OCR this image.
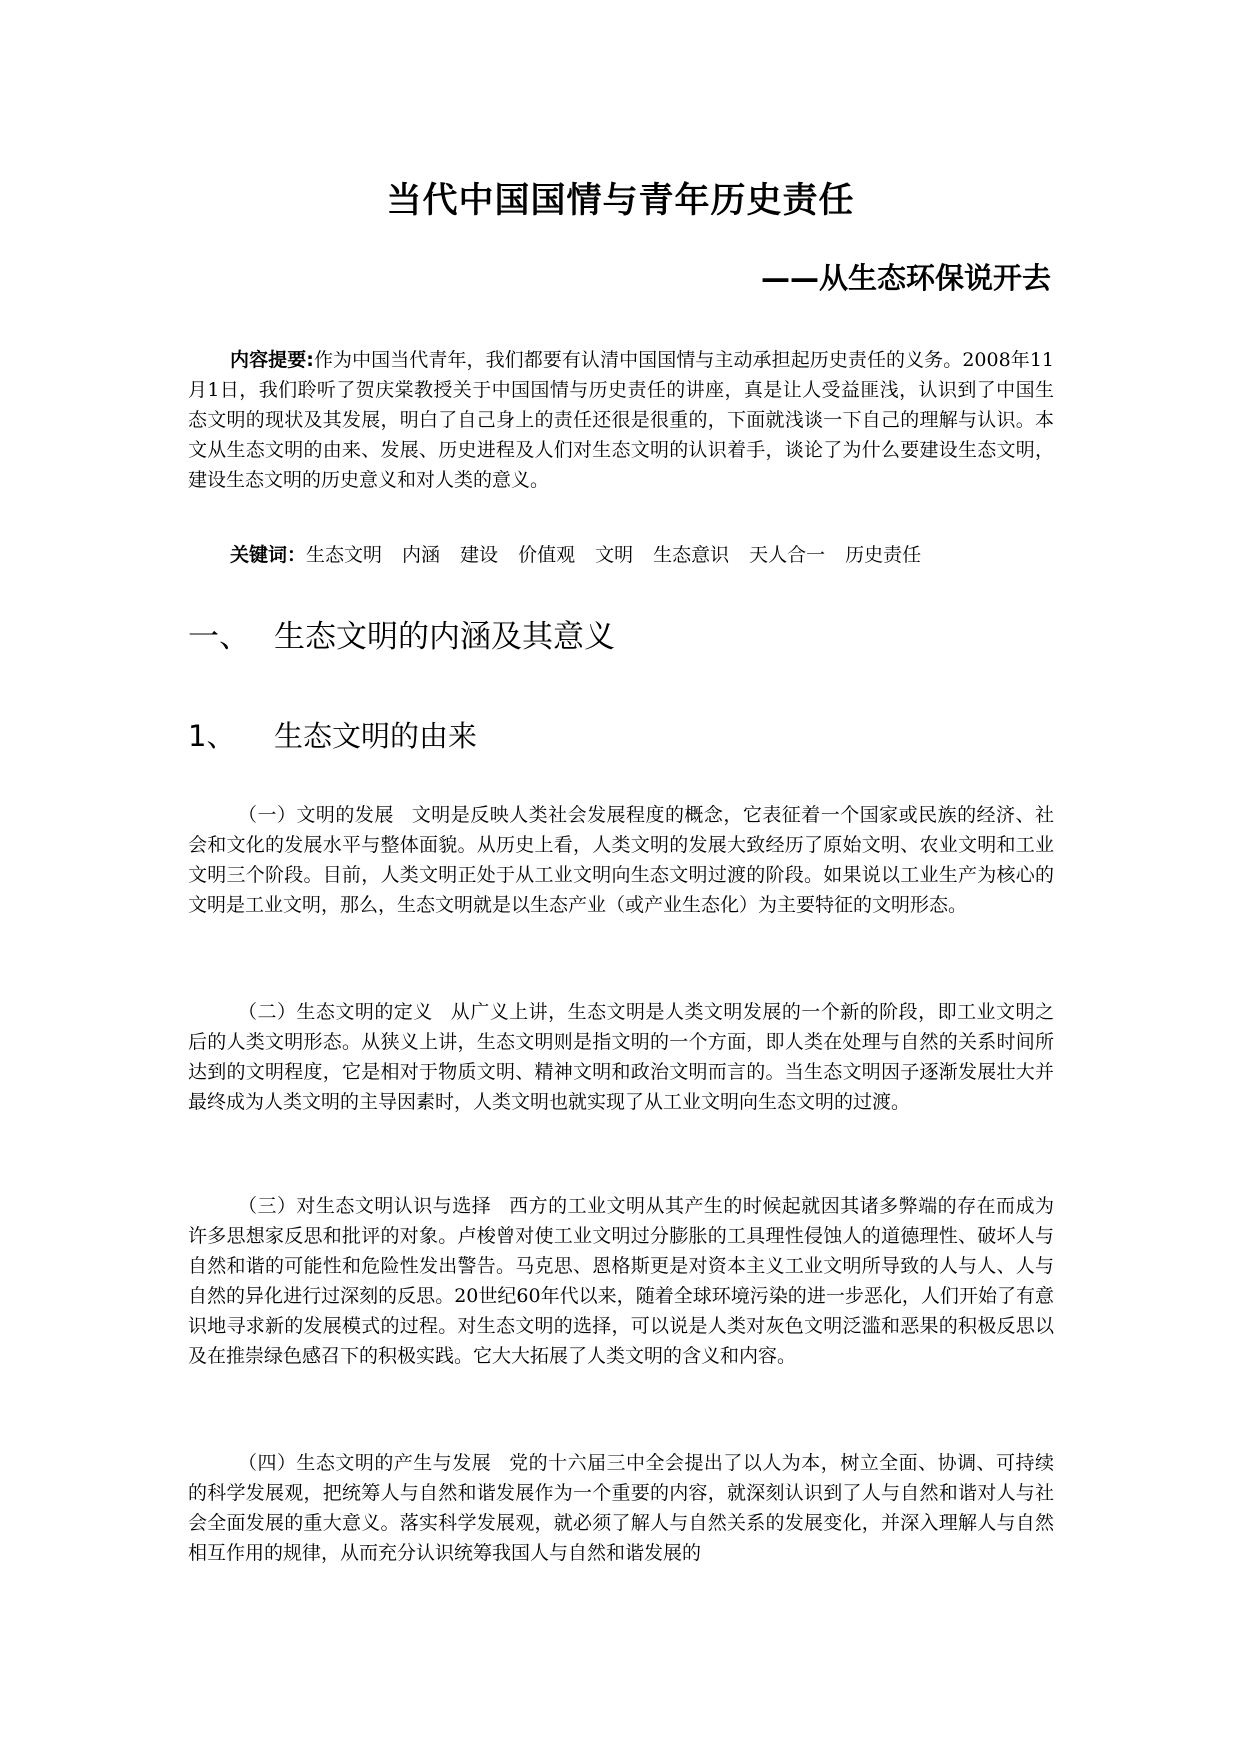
当代中国国情与青年历史责任
——从生态环保说开去

内容提要:作为中国当代青年，我们都要有认清中国国情与主动承担起历史责任的义务。2008年11月1日，我们聆听了贺庆棠教授关于中国国情与历史责任的讲座，真是让人受益匪浅，认识到了中国生态文明的现状及其发展，明白了自己身上的责任还很是很重的，下面就浅谈一下自己的理解与认识。本文从生态文明的由来、发展、历史进程及人们对生态文明的认识着手，谈论了为什么要建设生态文明，建设生态文明的历史意义和对人类的意义。

关键词：生态文明 内涵 建设 价值观 文明 生态意识 天人合一 历史责任
一、 生态文明的内涵及其意义
1、 生态文明的由来

（一）文明的发展 文明是反映人类社会发展程度的概念，它表征着一个国家或民族的经济、社会和文化的发展水平与整体面貌。从历史上看，人类文明的发展大致经历了原始文明、农业文明和工业文明三个阶段。目前，人类文明正处于从工业文明向生态文明过渡的阶段。如果说以工业生产为核心的文明是工业文明，那么，生态文明就是以生态产业（或产业生态化）为主要特征的文明形态。

（二）生态文明的定义 从广义上讲，生态文明是人类文明发展的一个新的阶段，即工业文明之后的人类文明形态。从狭义上讲，生态文明则是指文明的一个方面，即人类在处理与自然的关系时间所达到的文明程度，它是相对于物质文明、精神文明和政治文明而言的。当生态文明因子逐渐发展壮大并最终成为人类文明的主导因素时，人类文明也就实现了从工业文明向生态文明的过渡。

（三）对生态文明认识与选择 西方的工业文明从其产生的时候起就因其诸多弊端的存在而成为许多思想家反思和批评的对象。卢梭曾对使工业文明过分膨胀的工具理性侵蚀人的道德理性、破坏人与自然和谐的可能性和危险性发出警告。马克思、恩格斯更是对资本主义工业文明所导致的人与人、人与自然的异化进行过深刻的反思。20世纪60年代以来，随着全球环境污染的进一步恶化，人们开始了有意识地寻求新的发展模式的过程。对生态文明的选择，可以说是人类对灰色文明泛滥和恶果的积极反思以及在推崇绿色感召下的积极实践。它大大拓展了人类文明的含义和内容。

（四）生态文明的产生与发展 党的十六届三中全会提出了以人为本，树立全面、协调、可持续的科学发展观，把统筹人与自然和谐发展作为一个重要的内容，就深刻认识到了人与自然和谐对人与社会全面发展的重大意义。落实科学发展观，就必须了解人与自然关系的发展变化，并深入理解人与自然相互作用的规律，从而充分认识统筹我国人与自然和谐发展的
